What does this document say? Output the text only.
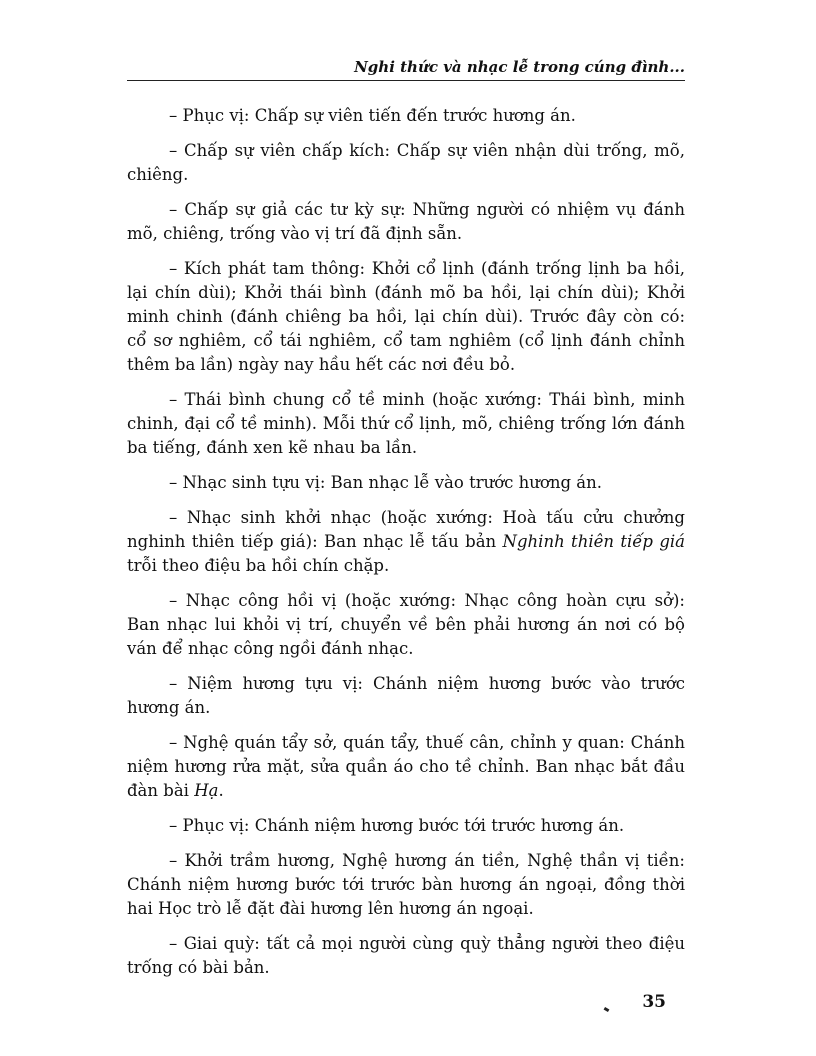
Nghi thức và nhạc lễ trong cúng đình...

– Phục vị: Chấp sự viên tiến đến trước hương án.

– Chấp sự viên chấp kích: Chấp sự viên nhận dùi trống, mõ, chiêng.

– Chấp sự giả các tư kỳ sự: Những người có nhiệm vụ đánh mõ, chiêng, trống vào vị trí đã định sẵn.

– Kích phát tam thông: Khởi cổ lịnh (đánh trống lịnh ba hồi, lại chín dùi); Khởi thái bình (đánh mõ ba hồi, lại chín dùi); Khởi minh chinh (đánh chiêng ba hồi, lại chín dùi). Trước đây còn có: cổ sơ nghiêm, cổ tái nghiêm, cổ tam nghiêm (cổ lịnh đánh chỉnh thêm ba lần) ngày nay hầu hết các nơi đều bỏ.

– Thái bình chung cổ tề minh (hoặc xướng: Thái bình, minh chinh, đại cổ tề minh). Mỗi thứ cổ lịnh, mõ, chiêng trống lớn đánh ba tiếng, đánh xen kẽ nhau ba lần.

– Nhạc sinh tựu vị: Ban nhạc lễ vào trước hương án.

– Nhạc sinh khởi nhạc (hoặc xướng: Hoà tấu cửu chưởng nghinh thiên tiếp giá): Ban nhạc lễ tấu bản Nghinh thiên tiếp giá trỗi theo điệu ba hồi chín chặp.

– Nhạc công hồi vị (hoặc xướng: Nhạc công hoàn cựu sở): Ban nhạc lui khỏi vị trí, chuyển về bên phải hương án nơi có bộ ván để nhạc công ngồi đánh nhạc.

– Niệm hương tựu vị: Chánh niệm hương bước vào trước hương án.

– Nghệ quán tẩy sở, quán tẩy, thuế cân, chỉnh y quan: Chánh niệm hương rửa mặt, sửa quần áo cho tề chỉnh. Ban nhạc bắt đầu đàn bài Hạ.

– Phục vị: Chánh niệm hương bước tới trước hương án.

– Khởi trầm hương, Nghệ hương án tiền, Nghệ thần vị tiền: Chánh niệm hương bước tới trước bàn hương án ngoại, đồng thời hai Học trò lễ đặt đài hương lên hương án ngoại.

– Giai quỳ: tất cả mọi người cùng quỳ thẳng người theo điệu trống có bài bản.

35
